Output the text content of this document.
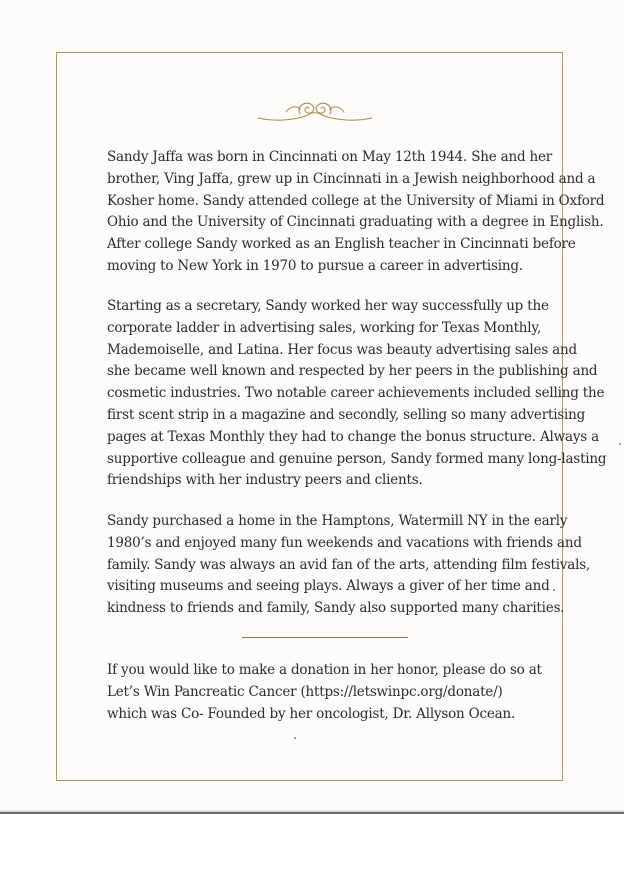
Sandy Jaffa was born in Cincinnati on May 12th 1944. She and her
brother, Ving Jaffa, grew up in Cincinnati in a Jewish neighborhood and a
Kosher home. Sandy attended college at the University of Miami in Oxford
Ohio and the University of Cincinnati graduating with a degree in English.
After college Sandy worked as an English teacher in Cincinnati before
moving to New York in 1970 to pursue a career in advertising.
Starting as a secretary, Sandy worked her way successfully up the
corporate ladder in advertising sales, working for Texas Monthly,
Mademoiselle, and Latina. Her focus was beauty advertising sales and
she became well known and respected by her peers in the publishing and
cosmetic industries. Two notable career achievements included selling the
first scent strip in a magazine and secondly, selling so many advertising
pages at Texas Monthly they had to change the bonus structure. Always a
supportive colleague and genuine person, Sandy formed many long-lasting
friendships with her industry peers and clients.
Sandy purchased a home in the Hamptons, Watermill NY in the early
1980’s and enjoyed many fun weekends and vacations with friends and
family. Sandy was always an avid fan of the arts, attending film festivals,
visiting museums and seeing plays. Always a giver of her time and
kindness to friends and family, Sandy also supported many charities.
If you would like to make a donation in her honor, please do so at
Let’s Win Pancreatic Cancer (https://letswinpc.org/donate/)
which was Co- Founded by her oncologist, Dr. Allyson Ocean.
